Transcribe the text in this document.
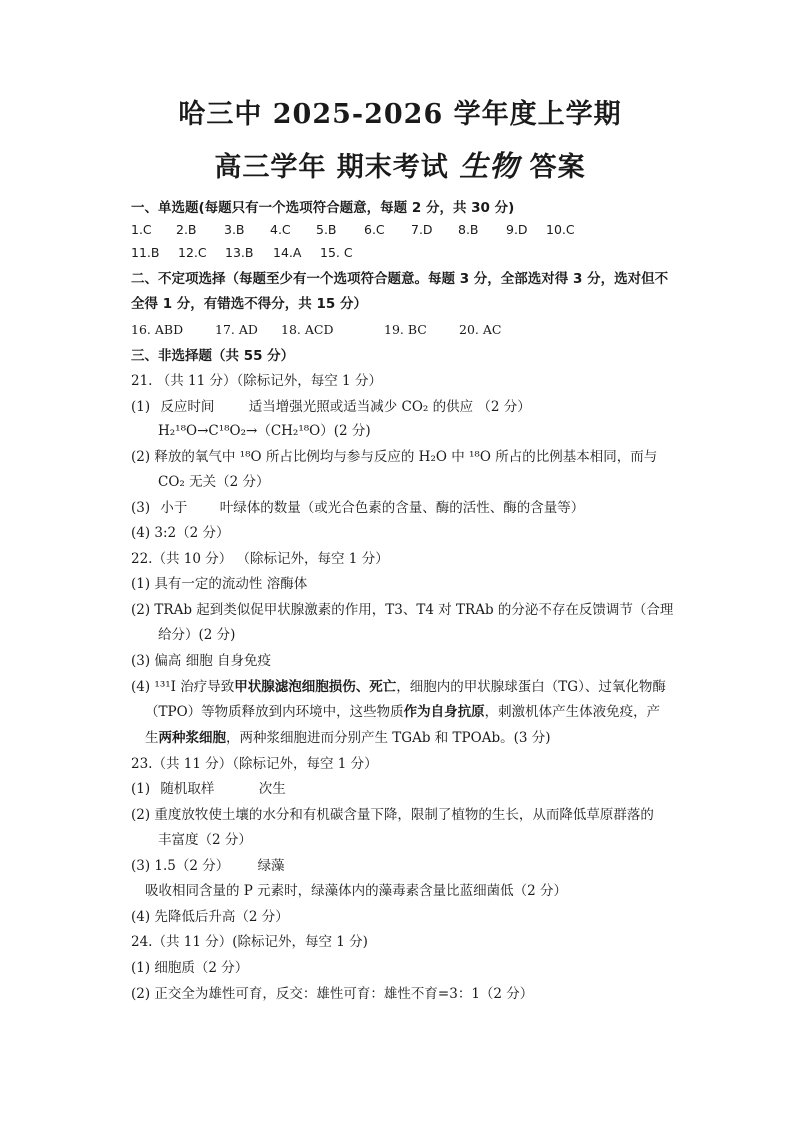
哈三中 2025-2026 学年度上学期
高三学年 期末考试 生物 答案
一、单选题(每题只有一个选项符合题意，每题 2 分，共 30 分)
1.C 2.B 3.B 4.C 5.B 6.C 7.D 8.B 9.D 10.C
11.B 12.C 13.B 14.A 15. C
二、不定项选择（每题至少有一个选项符合题意。每题 3 分，全部选对得 3 分，选对但不
全得 1 分，有错选不得分，共 15 分）
16. ABD	17. AD 18. ACD	19. BC	20. AC
三、非选择题（共 55 分）
21. （共 11 分）（除标记外，每空 1 分）
(1) 反应时间	适当增强光照或适当减少 CO₂ 的供应 （2 分）
H₂¹⁸O→C¹⁸O₂→（CH₂¹⁸O）(2 分)
(2) 释放的氧气中 ¹⁸O 所占比例均与参与反应的 H₂O 中 ¹⁸O 所占的比例基本相同，而与
CO₂ 无关（2 分）
(3) 小于 叶绿体的数量（或光合色素的含量、酶的活性、酶的含量等）
(4) 3:2（2 分）
22.（共 10 分） （除标记外，每空 1 分）
(1) 具有一定的流动性 溶酶体
(2) TRAb 起到类似促甲状腺激素的作用，T3、T4 对 TRAb 的分泌不存在反馈调节（合理
给分）(2 分)
(3) 偏高 细胞 自身免疫
(4) ¹³¹I 治疗导致甲状腺滤泡细胞损伤、死亡，细胞内的甲状腺球蛋白（TG）、过氧化物酶
（TPO）等物质释放到内环境中，这些物质作为自身抗原，刺激机体产生体液免疫，产
生两种浆细胞，两种浆细胞进而分别产生 TGAb 和 TPOAb。(3 分)
23.（共 11 分）（除标记外，每空 1 分）
(1) 随机取样	次生
(2) 重度放牧使土壤的水分和有机碳含量下降，限制了植物的生长，从而降低草原群落的
丰富度（2 分）
(3) 1.5（2 分） 绿藻
吸收相同含量的 P 元素时，绿藻体内的藻毒素含量比蓝细菌低（2 分）
(4) 先降低后升高（2 分）
24.（共 11 分）(除标记外，每空 1 分)
(1) 细胞质（2 分）
(2) 正交全为雄性可育，反交：雄性可育：雄性不育=3：1（2 分）
